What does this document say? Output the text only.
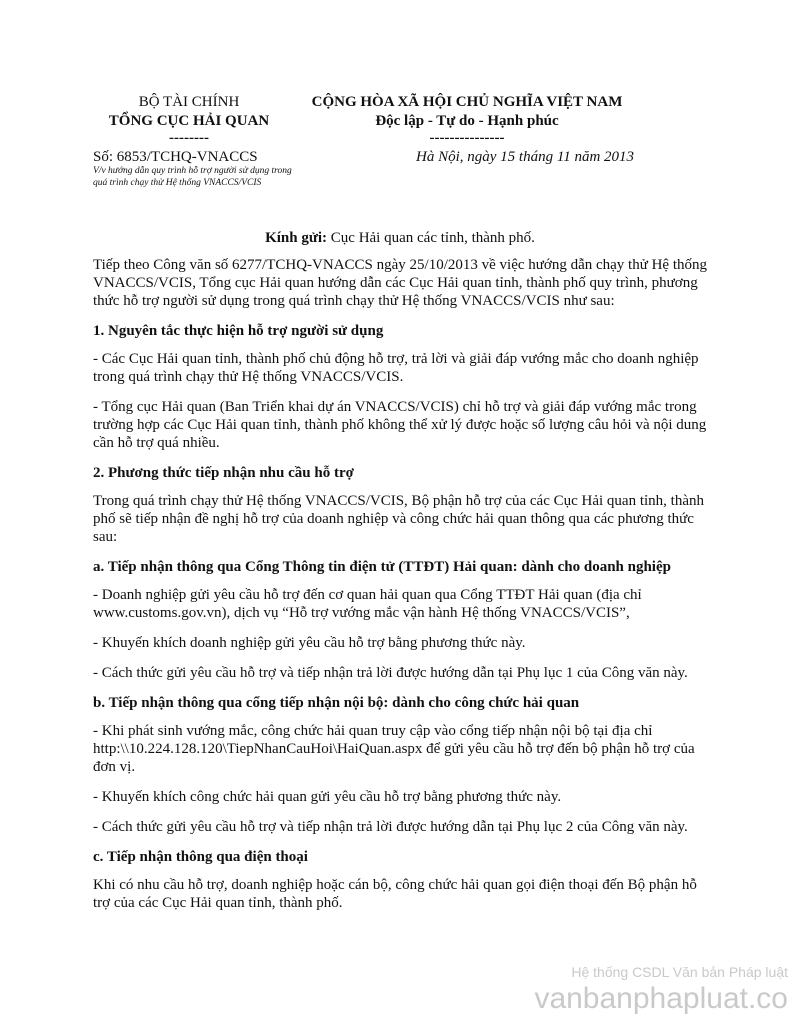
BỘ TÀI CHÍNH
TỔNG CỤC HẢI QUAN
--------
CỘNG HÒA XÃ HỘI CHỦ NGHĨA VIỆT NAM
Độc lập - Tự do - Hạnh phúc
---------------
Số: 6853/TCHQ-VNACCS
V/v hướng dẫn quy trình hỗ trợ người sử dụng trong quá trình chạy thử Hệ thống VNACCS/VCIS
Hà Nội, ngày 15 tháng 11 năm 2013
Kính gửi: Cục Hải quan các tỉnh, thành phố.

Tiếp theo Công văn số 6277/TCHQ-VNACCS ngày 25/10/2013 về việc hướng dẫn chạy thử Hệ thống VNACCS/VCIS, Tổng cục Hải quan hướng dẫn các Cục Hải quan tỉnh, thành phố quy trình, phương thức hỗ trợ người sử dụng trong quá trình chạy thử Hệ thống VNACCS/VCIS như sau:

1. Nguyên tắc thực hiện hỗ trợ người sử dụng

- Các Cục Hải quan tỉnh, thành phố chủ động hỗ trợ, trả lời và giải đáp vướng mắc cho doanh nghiệp trong quá trình chạy thử Hệ thống VNACCS/VCIS.

- Tổng cục Hải quan (Ban Triển khai dự án VNACCS/VCIS) chỉ hỗ trợ và giải đáp vướng mắc trong trường hợp các Cục Hải quan tỉnh, thành phố không thể xử lý được hoặc số lượng câu hỏi và nội dung cần hỗ trợ quá nhiều.

2. Phương thức tiếp nhận nhu cầu hỗ trợ

Trong quá trình chạy thử Hệ thống VNACCS/VCIS, Bộ phận hỗ trợ của các Cục Hải quan tỉnh, thành phố sẽ tiếp nhận đề nghị hỗ trợ của doanh nghiệp và công chức hải quan thông qua các phương thức sau:

a. Tiếp nhận thông qua Cổng Thông tin điện tử (TTĐT) Hải quan: dành cho doanh nghiệp

- Doanh nghiệp gửi yêu cầu hỗ trợ đến cơ quan hải quan qua Cổng TTĐT Hải quan (địa chỉ www.customs.gov.vn), dịch vụ “Hỗ trợ vướng mắc vận hành Hệ thống VNACCS/VCIS”,

- Khuyến khích doanh nghiệp gửi yêu cầu hỗ trợ bằng phương thức này.

- Cách thức gửi yêu cầu hỗ trợ và tiếp nhận trả lời được hướng dẫn tại Phụ lục 1 của Công văn này.

b. Tiếp nhận thông qua cổng tiếp nhận nội bộ: dành cho công chức hải quan

- Khi phát sinh vướng mắc, công chức hải quan truy cập vào cổng tiếp nhận nội bộ tại địa chỉ http:\\10.224.128.120\TiepNhanCauHoi\HaiQuan.aspx để gửi yêu cầu hỗ trợ đến bộ phận hỗ trợ của đơn vị.

- Khuyến khích công chức hải quan gửi yêu cầu hỗ trợ bằng phương thức này.

- Cách thức gửi yêu cầu hỗ trợ và tiếp nhận trả lời được hướng dẫn tại Phụ lục 2 của Công văn này.

c. Tiếp nhận thông qua điện thoại

Khi có nhu cầu hỗ trợ, doanh nghiệp hoặc cán bộ, công chức hải quan gọi điện thoại đến Bộ phận hỗ trợ của các Cục Hải quan tỉnh, thành phố.

Hệ thống CSDL Văn bản Pháp luật
vanbanphapluat.co
